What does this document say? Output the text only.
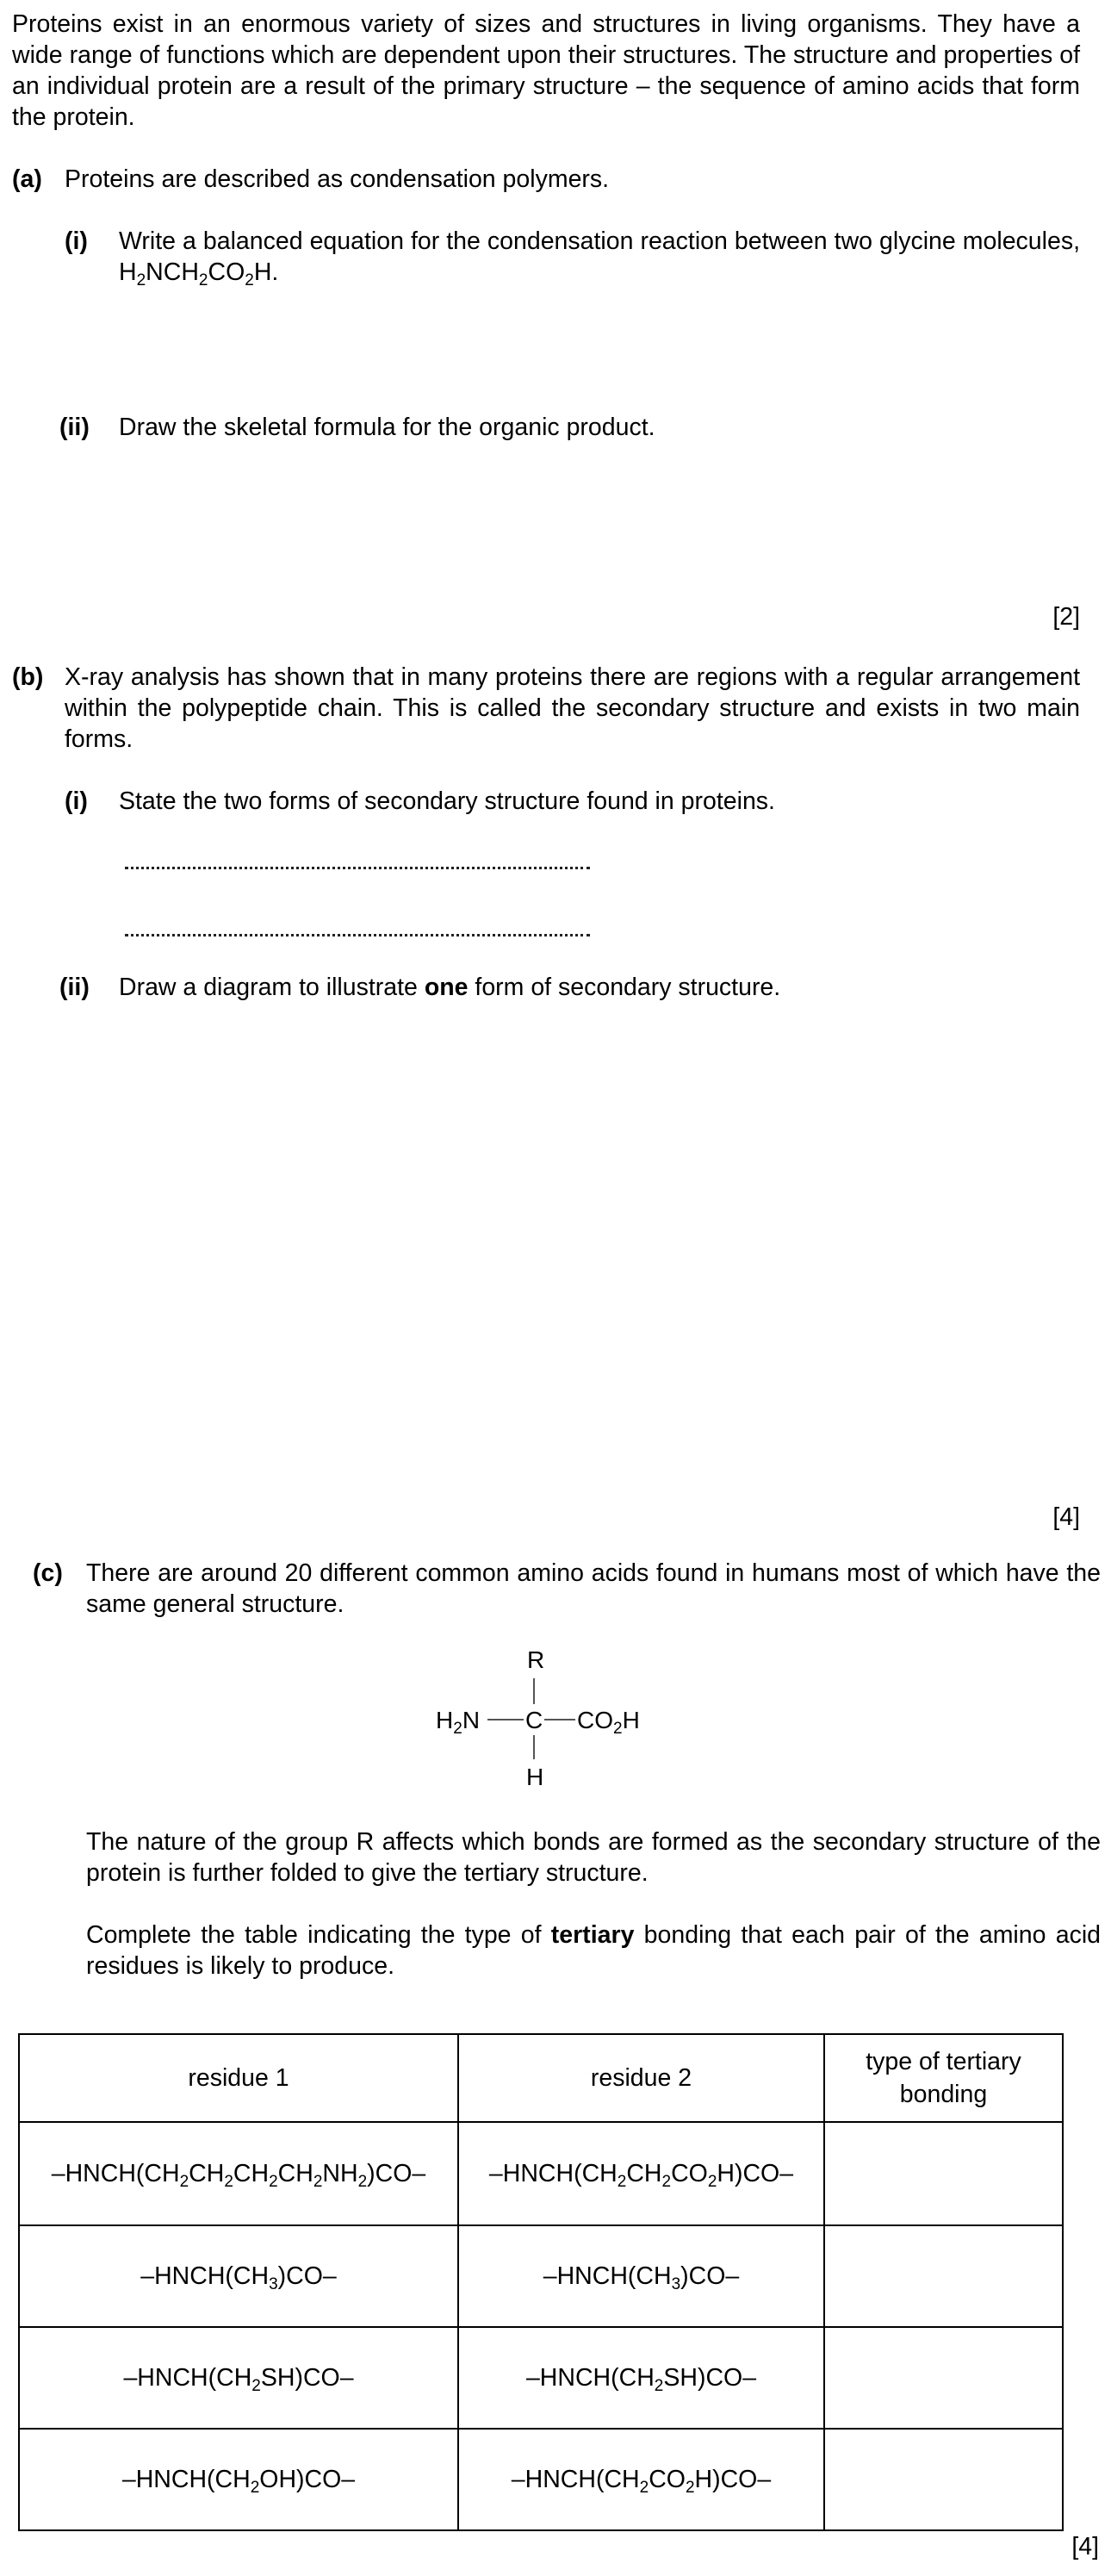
Proteins exist in an enormous variety of sizes and structures in living organisms. They have a wide range of functions which are dependent upon their structures. The structure and properties of an individual protein are a result of the primary structure – the sequence of amino acids that form the protein.
(a) Proteins are described as condensation polymers.
(i) Write a balanced equation for the condensation reaction between two glycine molecules, $H_2NCH_2CO_2H$.
(ii) Draw the skeletal formula for the organic product.
[2]
(b) X-ray analysis has shown that in many proteins there are regions with a regular arrangement within the polypeptide chain. This is called the secondary structure and exists in two main forms.
(i) State the two forms of secondary structure found in proteins.
(ii) Draw a diagram to illustrate one form of secondary structure.
[4]
(c) There are around 20 different common amino acids found in humans most of which have the same general structure.
R
$H_2N$ C $CO_2H$
H
The nature of the group R affects which bonds are formed as the secondary structure of the protein is further folded to give the tertiary structure.
Complete the table indicating the type of tertiary bonding that each pair of the amino acid residues is likely to produce.
residue 1	residue 2	type of tertiary bonding
$-HNCH(CH_2CH_2CH_2CH_2NH_2)CO-$	$-HNCH(CH_2CH_2CO_2H)CO-$	
$-HNCH(CH_3)CO-$	$-HNCH(CH_3)CO-$	
$-HNCH(CH_2SH)CO-$	$-HNCH(CH_2SH)CO-$	
$-HNCH(CH_2OH)CO-$	$-HNCH(CH_2CO_2H)CO-$	
[4]
